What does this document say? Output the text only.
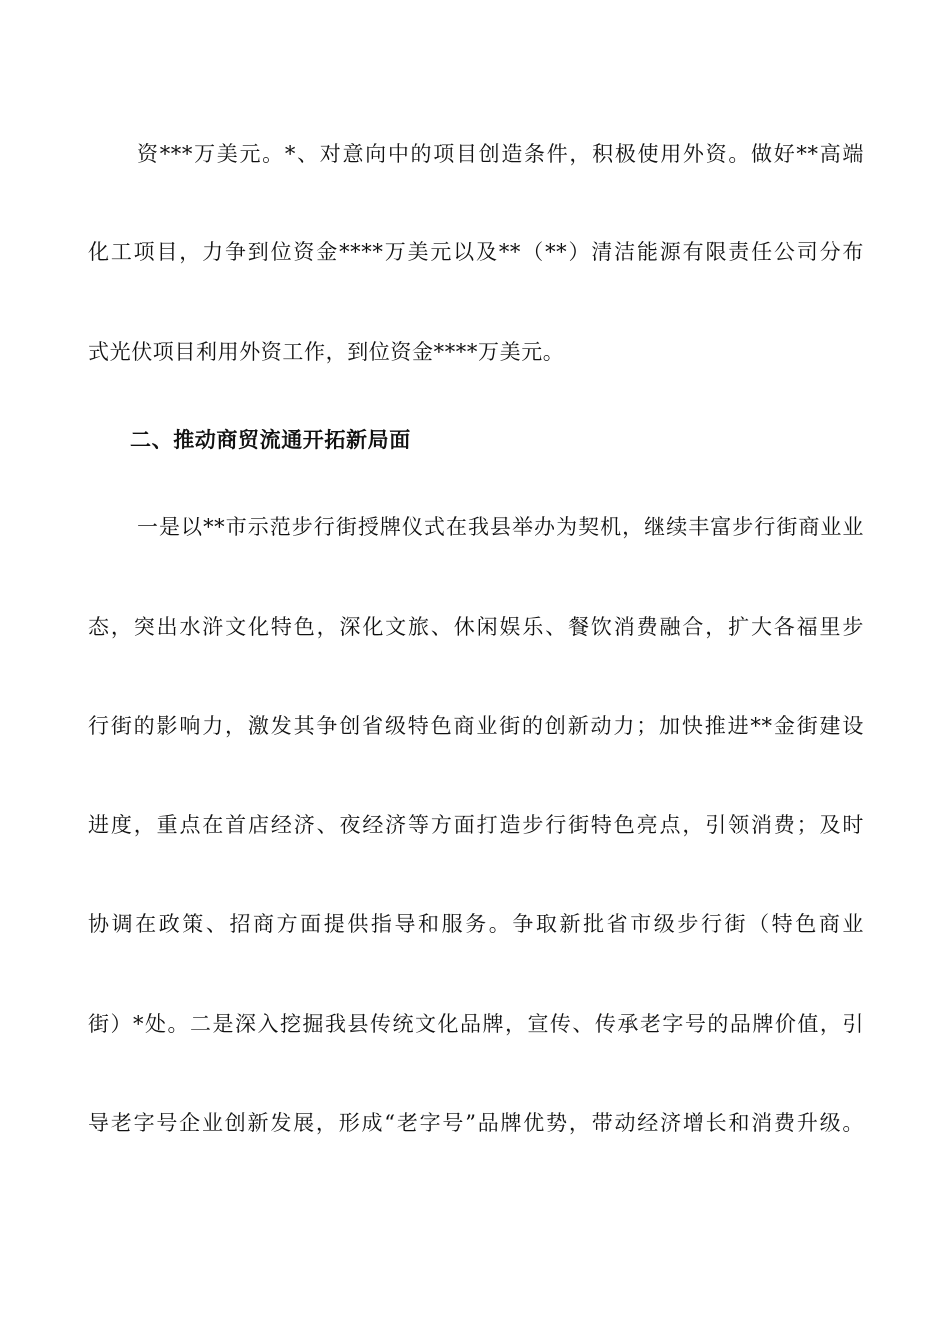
资***万美元。*、对意向中的项目创造条件，积极使用外资。做好**高端
化工项目，力争到位资金****万美元以及**（**）清洁能源有限责任公司分布
式光伏项目利用外资工作，到位资金****万美元。
二、推动商贸流通开拓新局面
一是以**市示范步行街授牌仪式在我县举办为契机，继续丰富步行街商业业
态，突出水浒文化特色，深化文旅、休闲娱乐、餐饮消费融合，扩大各福里步
行街的影响力，激发其争创省级特色商业街的创新动力；加快推进**金街建设
进度，重点在首店经济、夜经济等方面打造步行街特色亮点，引领消费；及时
协调在政策、招商方面提供指导和服务。争取新批省市级步行街（特色商业
街）*处。二是深入挖掘我县传统文化品牌，宣传、传承老字号的品牌价值，引
导老字号企业创新发展，形成“老字号”品牌优势，带动经济增长和消费升级。
